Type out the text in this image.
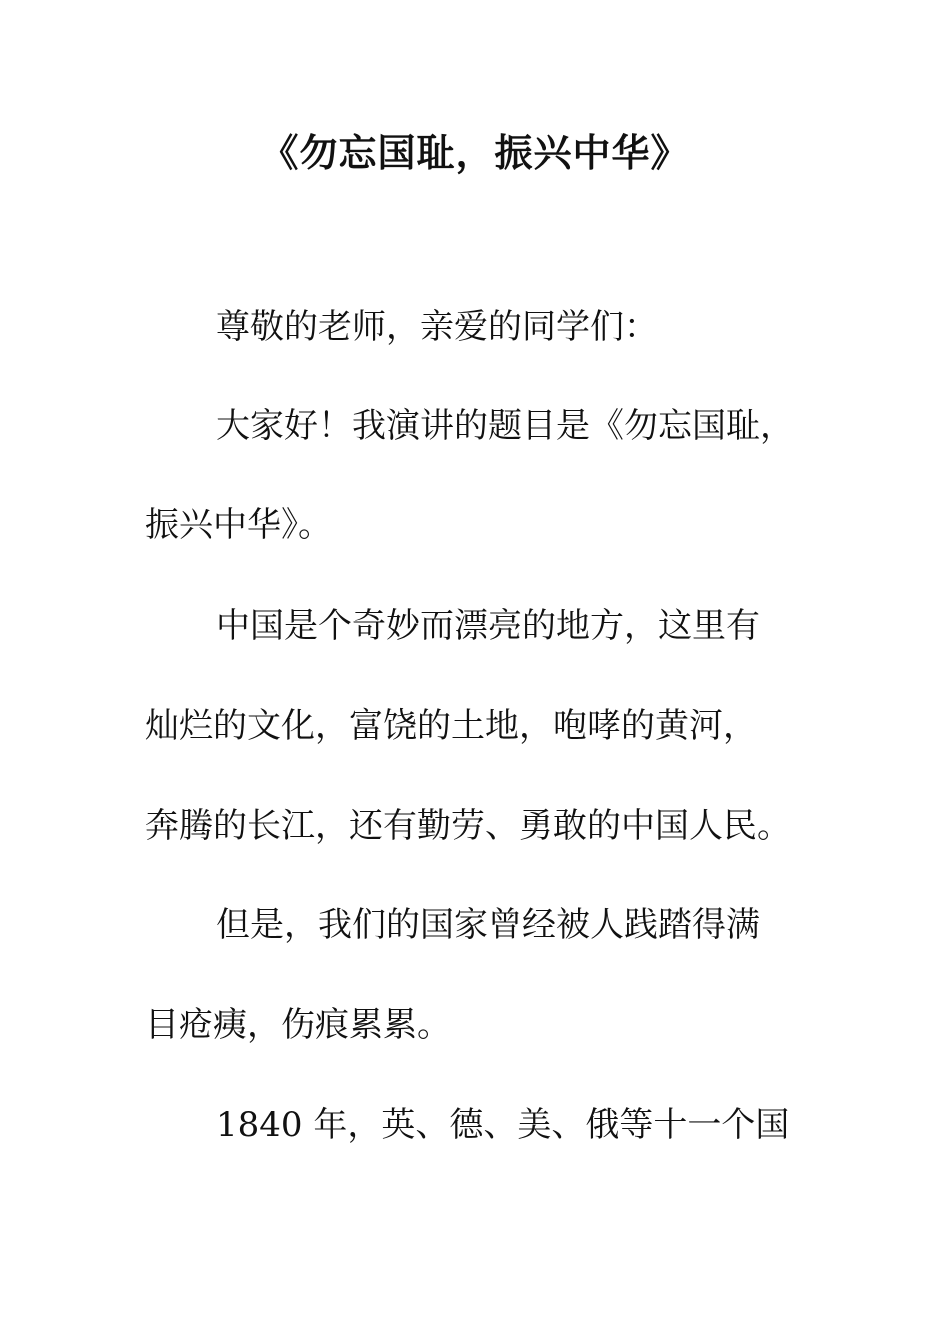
《勿忘国耻，振兴中华》
尊敬的老师，亲爱的同学们：
大家好！我演讲的题目是《勿忘国耻，
振兴中华》。
中国是个奇妙而漂亮的地方，这里有
灿烂的文化，富饶的土地，咆哮的黄河，
奔腾的长江，还有勤劳、勇敢的中国人民。
但是，我们的国家曾经被人践踏得满
目疮痍，伤痕累累。
1840 年，英、德、美、俄等十一个国
